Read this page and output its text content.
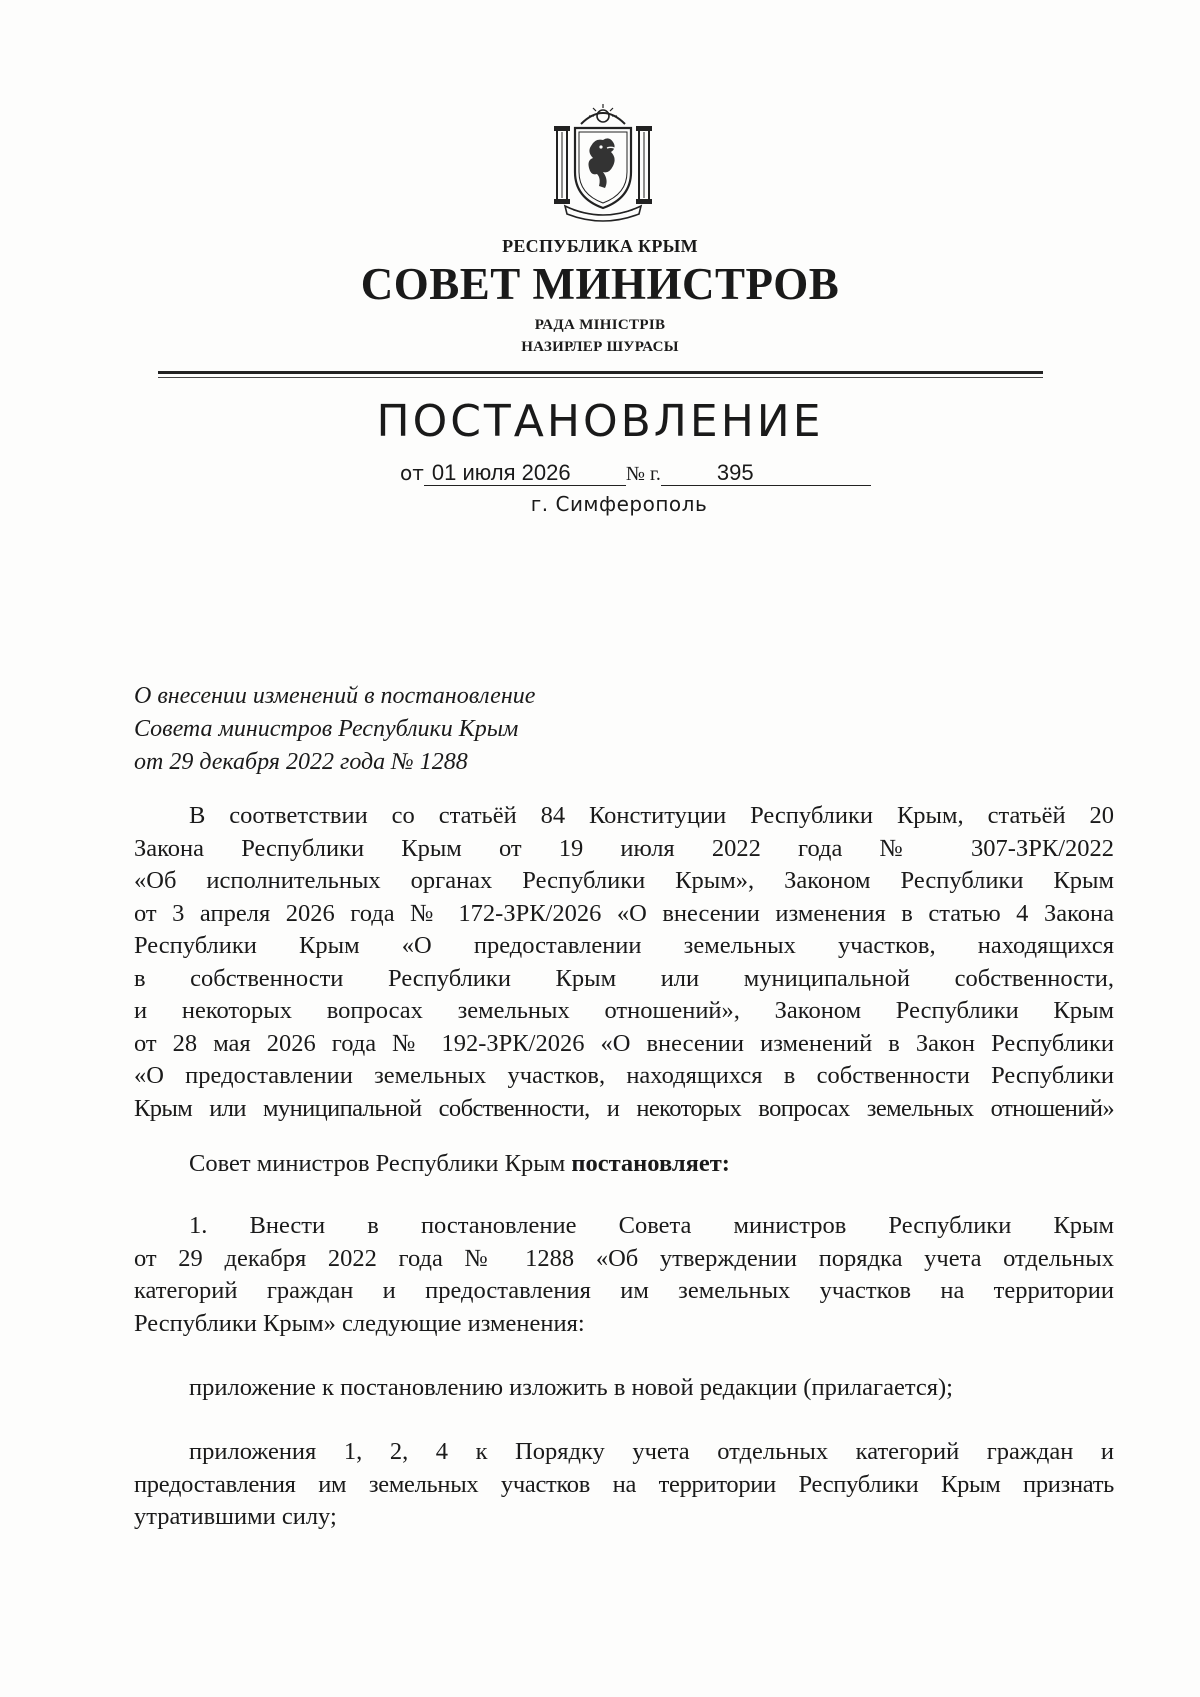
РЕСПУБЛИКА КРЫМ
СОВЕТ МИНИСТРОВ
РАДА МІНІСТРІВ
НАЗИРЛЕР ШУРАСЫ
ПОСТАНОВЛЕНИЕ
от 01 июля 2026	№ г.	395
г. Симферополь
О внесении изменений в постановление
Совета министров Республики Крым
от 29 декабря 2022 года № 1288
В соответствии со статьёй 84 Конституции Республики Крым, статьёй 20
Закона Республики Крым от 19 июля 2022 года № 307-ЗРК/2022
«Об исполнительных органах Республики Крым», Законом Республики Крым
от 3 апреля 2026 года № 172-ЗРК/2026 «О внесении изменения в статью 4 Закона
Республики Крым «О предоставлении земельных участков, находящихся
в собственности Республики Крым или муниципальной собственности,
и некоторых вопросах земельных отношений», Законом Республики Крым
от 28 мая 2026 года № 192-ЗРК/2026 «О внесении изменений в Закон Республики
«О предоставлении земельных участков, находящихся в собственности Республики
Крым или муниципальной собственности, и некоторых вопросах земельных отношений»
Совет министров Республики Крым постановляет:
1. Внести в постановление Совета министров Республики Крым
от 29 декабря 2022 года № 1288 «Об утверждении порядка учета отдельных
категорий граждан и предоставления им земельных участков на территории
Республики Крым» следующие изменения:
приложение к постановлению изложить в новой редакции (прилагается);
приложения 1, 2, 4 к Порядку учета отдельных категорий граждан и
предоставления им земельных участков на территории Республики Крым признать
утратившими силу;
